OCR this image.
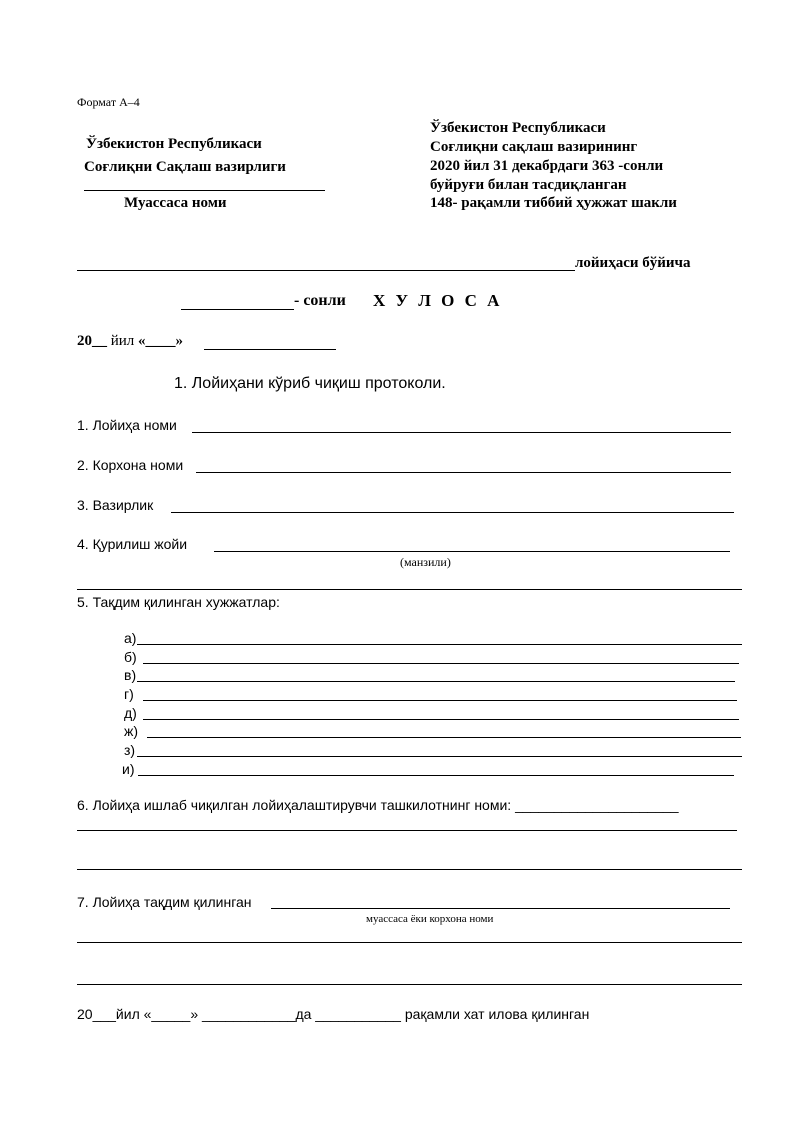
Формат А–4
Ўзбекистон Республикаси
Соғлиқни Сақлаш вазирлиги
Муассаса номи
Ўзбекистон Республикаси
Соғлиқни сақлаш вазирининг
2020 йил 31 декабрдаги 363 -сонли
буйруғи билан тасдиқланган
148- рақамли тиббий ҳужжат шакли
лойиҳаси бўйича
- сонли Х У Л О С А
20__ йил «____»
1. Лойиҳани кўриб чиқиш протоколи.
1. Лойиҳа номи
2. Корхона номи
3. Вазирлик
4. Қурилиш жойи
(манзили)
5. Тақдим қилинган хужжатлар:
а)
б)
в)
г)
д)
ж)
з)
и)
6. Лойиҳа ишлаб чиқилган лойиҳалаштирувчи ташкилотнинг номи: _____________________
7. Лойиҳа тақдим қилинган
муассаса ёки корхона номи
20___йил «_____» ____________да ___________ рақамли хат илова қилинган
